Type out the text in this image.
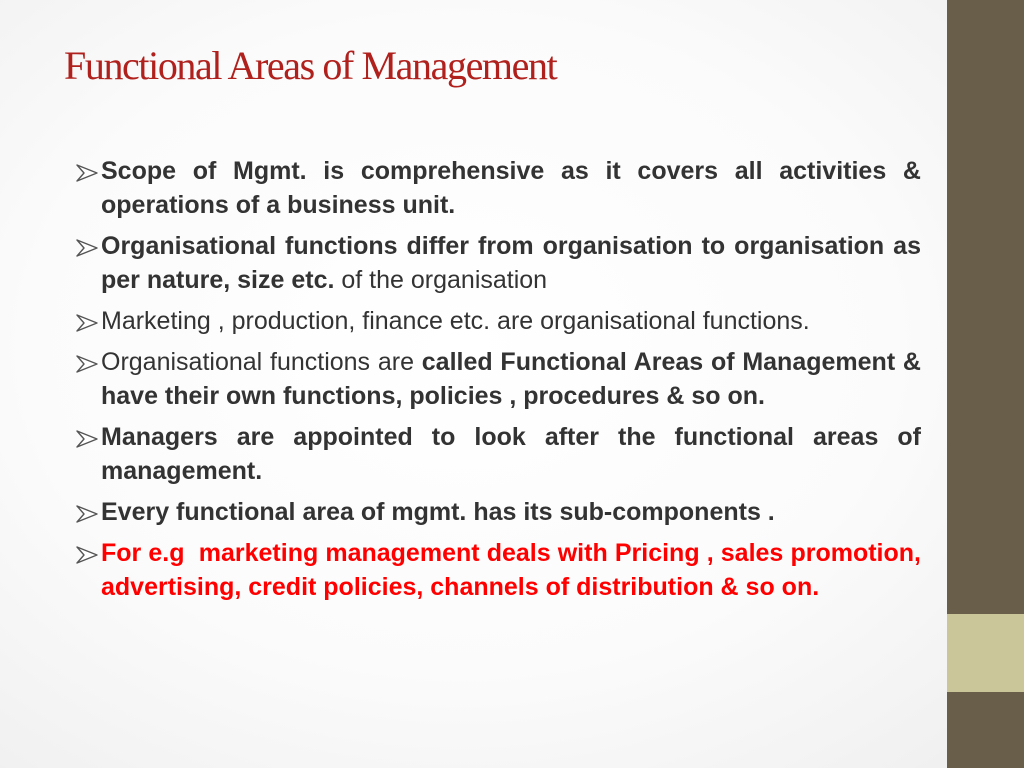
Functional Areas of Management
Scope of Mgmt. is comprehensive as it covers all activities & operations of a business unit.
Organisational functions differ from organisation to organisation as per nature, size etc. of the organisation
Marketing , production, finance etc. are organisational functions.
Organisational functions are called Functional Areas of Management & have their own functions, policies , procedures & so on.
Managers are appointed to look after the functional areas of management.
Every functional area of mgmt. has its sub-components .
For e.g  marketing management deals with Pricing , sales promotion, advertising, credit policies, channels of distribution & so on.
